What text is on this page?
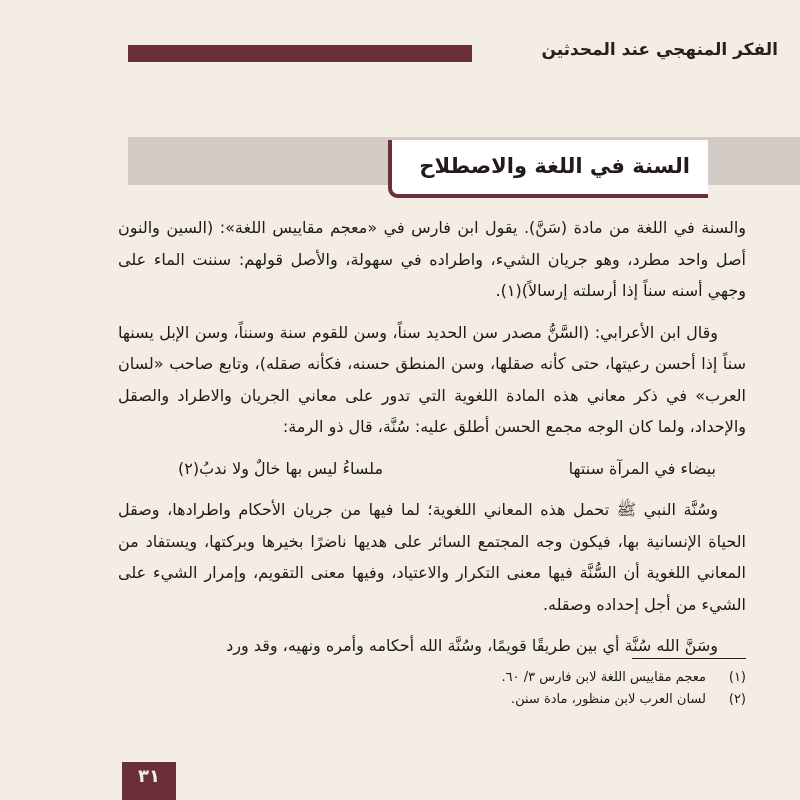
الفكر المنهجي عند المحدثين
السنة في اللغة والاصطلاح

والسنة في اللغة من مادة (سَنَّ). يقول ابن فارس في «معجم مقاييس اللغة»: (السين والنون أصل واحد مطرد، وهو جريان الشيء، واطراده في سهولة، والأصل قولهم: سننت الماء على وجهي أسنه سناً إذا أرسلته إرسالاً)(١).

وقال ابن الأعرابي: (السَّنُّ مصدر سن الحديد سناً، وسن للقوم سنة وسنناً، وسن الإبل يسنها سناً إذا أحسن رعيتها، حتى كأنه صقلها، وسن المنطق حسنه، فكأنه صقله)، وتابع صاحب «لسان العرب» في ذكر معاني هذه المادة اللغوية التي تدور على معاني الجريان والاطراد والصقل والإحداد، ولما كان الوجه مجمع الحسن أطلق عليه: سُنَّة، قال ذو الرمة:

بيضاء في المرآة سنتها
ملساءُ ليس بها خالٌ ولا ندبُ(٢)

وسُنَّة النبي ﷺ تحمل هذه المعاني اللغوية؛ لما فيها من جريان الأحكام واطرادها، وصقل الحياة الإنسانية بها، فيكون وجه المجتمع السائر على هديها ناضرًا بخيرها وبركتها، ويستفاد من المعاني اللغوية أن السُّنَّة فيها معنى التكرار والاعتياد، وفيها معنى التقويم، وإمرار الشيء على الشيء من أجل إحداده وصقله.

وسَنَّ الله سُنَّة أي بين طريقًا قويمًا، وسُنَّة الله أحكامه وأمره ونهيه، وقد ورد

(١)
معجم مقاييس اللغة لابن فارس ٣/ ٦٠.
(٢)
لسان العرب لابن منظور، مادة سنن.
٣١
